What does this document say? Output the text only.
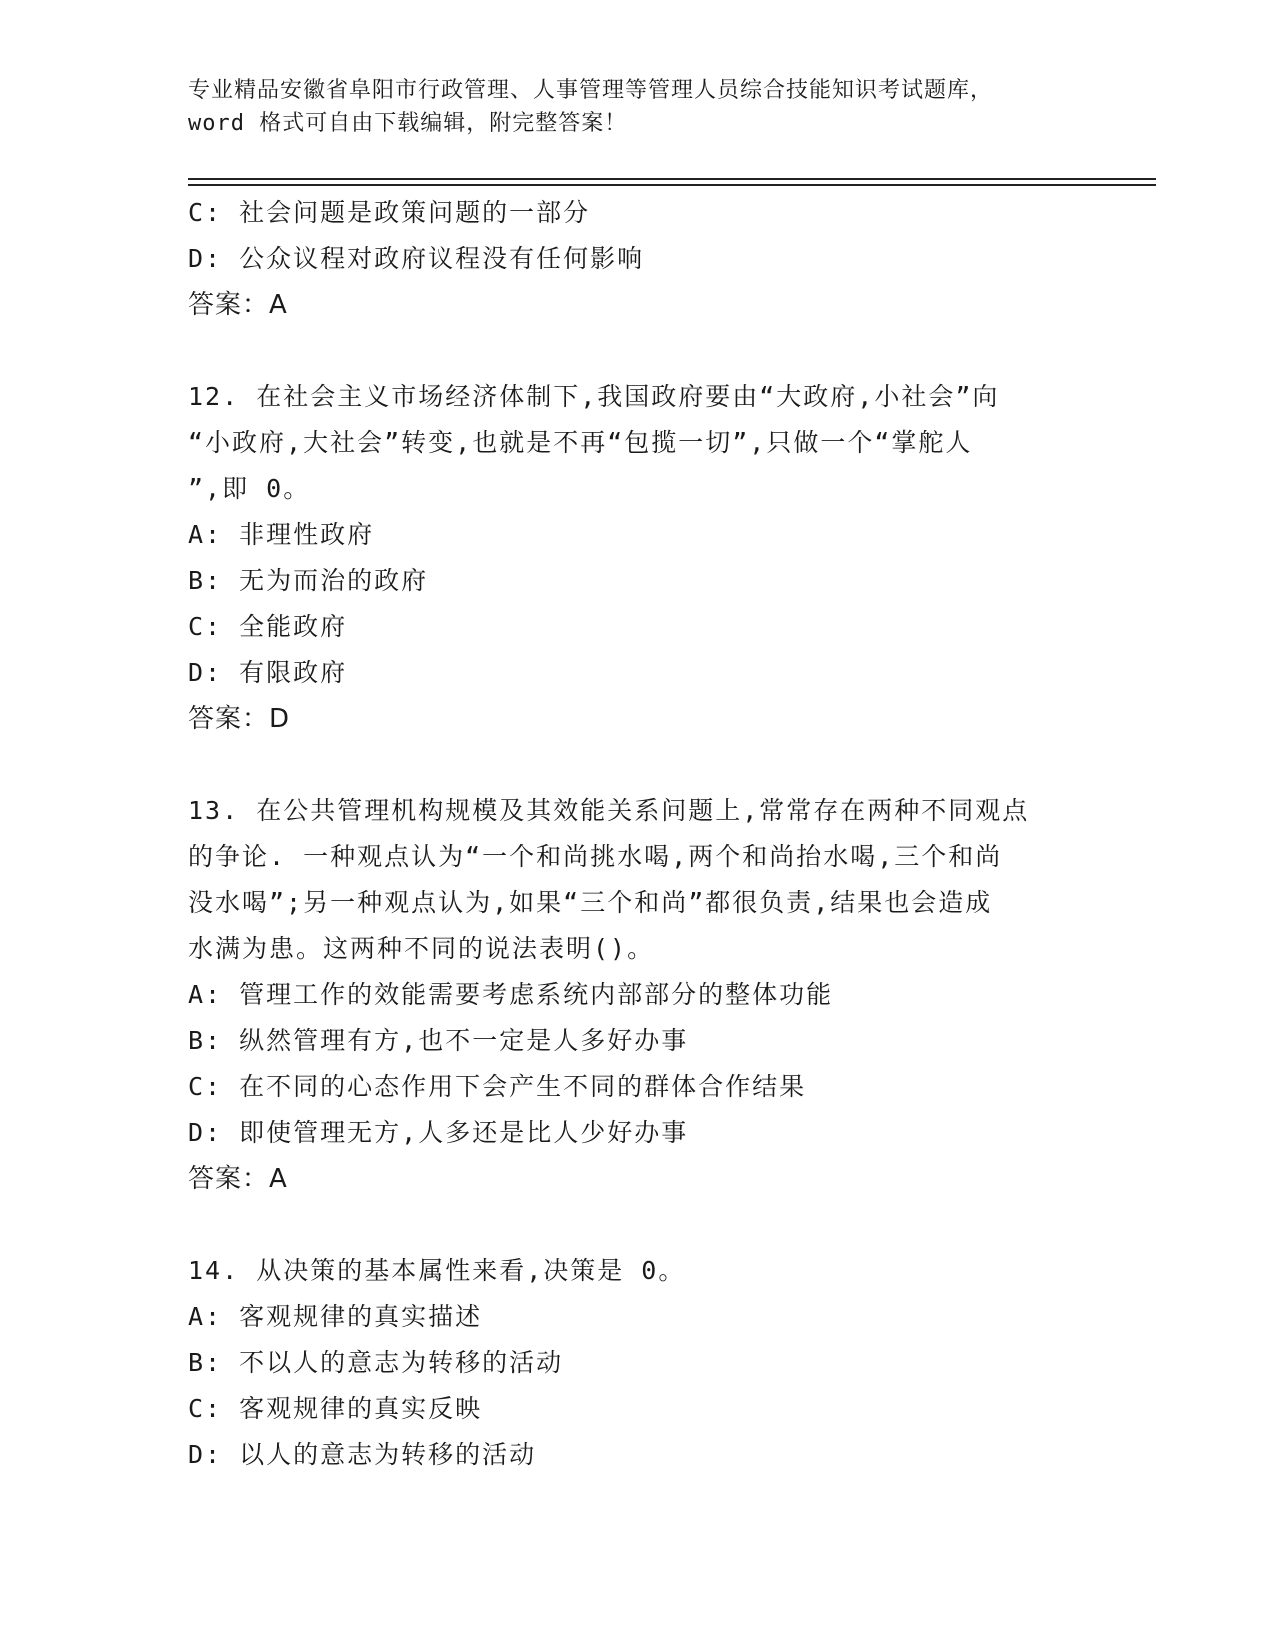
专业精品安徽省阜阳市行政管理、人事管理等管理人员综合技能知识考试题库，
word 格式可自由下载编辑，附完整答案！
C: 社会问题是政策问题的一部分
D: 公众议程对政府议程没有任何影响
答案：A
12. 在社会主义市场经济体制下,我国政府要由“大政府,小社会”向
“小政府,大社会”转变,也就是不再“包揽一切”,只做一个“掌舵人
”,即 0。
A: 非理性政府
B: 无为而治的政府
C: 全能政府
D: 有限政府
答案：D
13. 在公共管理机构规模及其效能关系问题上,常常存在两种不同观点
的争论. 一种观点认为“一个和尚挑水喝,两个和尚抬水喝,三个和尚
没水喝”;另一种观点认为,如果“三个和尚”都很负责,结果也会造成
水满为患。这两种不同的说法表明()。
A: 管理工作的效能需要考虑系统内部部分的整体功能
B: 纵然管理有方,也不一定是人多好办事
C: 在不同的心态作用下会产生不同的群体合作结果
D: 即使管理无方,人多还是比人少好办事
答案：A
14. 从决策的基本属性来看,决策是 0。
A: 客观规律的真实描述
B: 不以人的意志为转移的活动
C: 客观规律的真实反映
D: 以人的意志为转移的活动
